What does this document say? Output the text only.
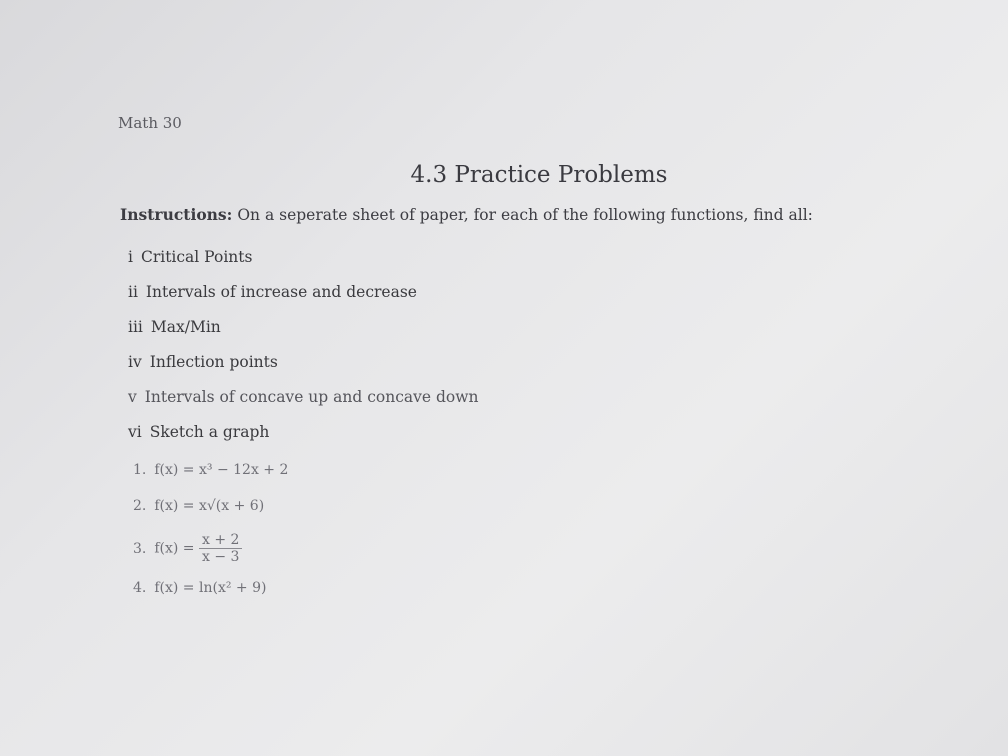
Math 30

4.3 Practice Problems

Instructions: On a seperate sheet of paper, for each of the following functions, find all:

i Critical Points
ii Intervals of increase and decrease
iii Max/Min
iv Inflection points
v Intervals of concave up and concave down
vi Sketch a graph
1. f(x) = x³ − 12x + 2
2. f(x) = x√(x + 6)
3. $f(x) = \frac{x + 2}{x - 3}$
4. f(x) = ln(x² + 9)
